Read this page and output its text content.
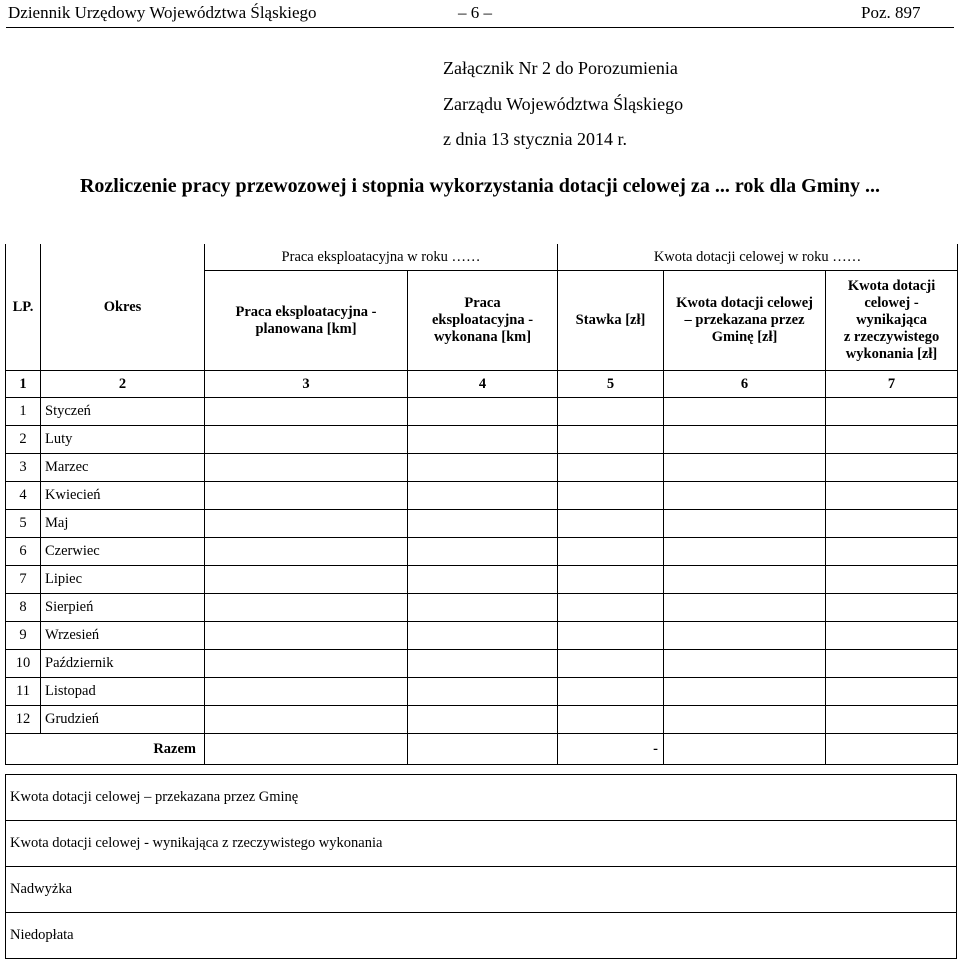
Dziennik Urzędowy Województwa Śląskiego	– 6 –	Poz. 897
Załącznik Nr 2 do Porozumienia
Zarządu Województwa Śląskiego
z dnia 13 stycznia 2014 r.
Rozliczenie pracy przewozowej i stopnia wykorzystania dotacji celowej za ... rok dla Gminy ...
LP.	Okres	Praca eksploatacyjna w roku ……		Kwota dotacji celowej w roku ……		
		Praca eksploatacyjna - planowana [km]	Praca
eksploatacyjna -
wykonana [km]	Stawka [zł]	Kwota dotacji celowej
– przekazana przez
Gminę [zł]	Kwota dotacji
celowej -
wynikająca
z rzeczywistego
wykonania [zł]
1	2	3	4	5	6	7
1	Styczeń					
2	Luty					
3	Marzec					
4	Kwiecień					
5	Maj					
6	Czerwiec					
7	Lipiec					
8	Sierpień					
9	Wrzesień					
10	Październik					
11	Listopad					
12	Grudzień					
Razem				-		
Kwota dotacji celowej – przekazana przez Gminę
Kwota dotacji celowej - wynikająca z rzeczywistego wykonania
Nadwyżka
Niedopłata
